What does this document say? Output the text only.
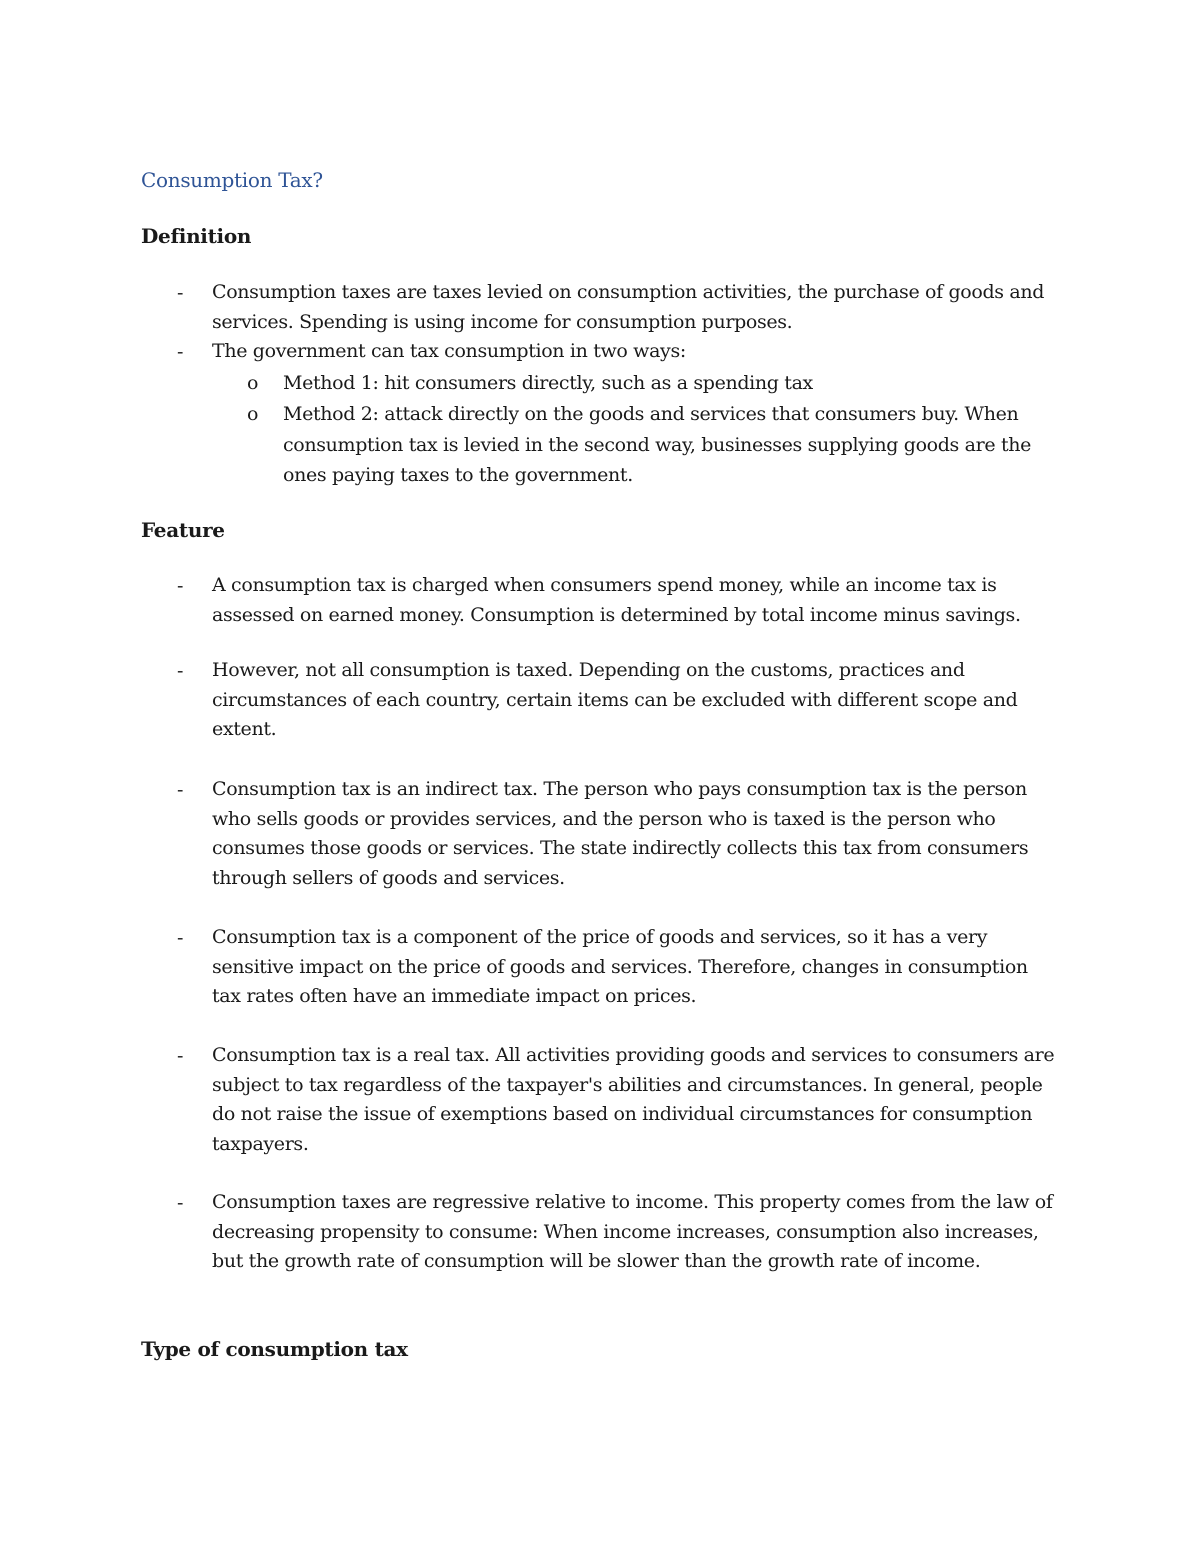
Consumption Tax?
Definition
- Consumption taxes are taxes levied on consumption activities, the purchase of goods and services. Spending is using income for consumption purposes.

- The government can tax consumption in two ways:

o Method 1: hit consumers directly, such as a spending tax

o Method 2: attack directly on the goods and services that consumers buy. When consumption tax is levied in the second way, businesses supplying goods are the ones paying taxes to the government.

Feature
- A consumption tax is charged when consumers spend money, while an income tax is assessed on earned money. Consumption is determined by total income minus savings.

- However, not all consumption is taxed. Depending on the customs, practices and circumstances of each country, certain items can be excluded with different scope and extent.

- Consumption tax is an indirect tax. The person who pays consumption tax is the person who sells goods or provides services, and the person who is taxed is the person who consumes those goods or services. The state indirectly collects this tax from consumers through sellers of goods and services.

- Consumption tax is a component of the price of goods and services, so it has a very sensitive impact on the price of goods and services. Therefore, changes in consumption tax rates often have an immediate impact on prices.

- Consumption tax is a real tax. All activities providing goods and services to consumers are subject to tax regardless of the taxpayer's abilities and circumstances. In general, people do not raise the issue of exemptions based on individual circumstances for consumption taxpayers.

- Consumption taxes are regressive relative to income. This property comes from the law of decreasing propensity to consume: When income increases, consumption also increases, but the growth rate of consumption will be slower than the growth rate of income.

Type of consumption tax
